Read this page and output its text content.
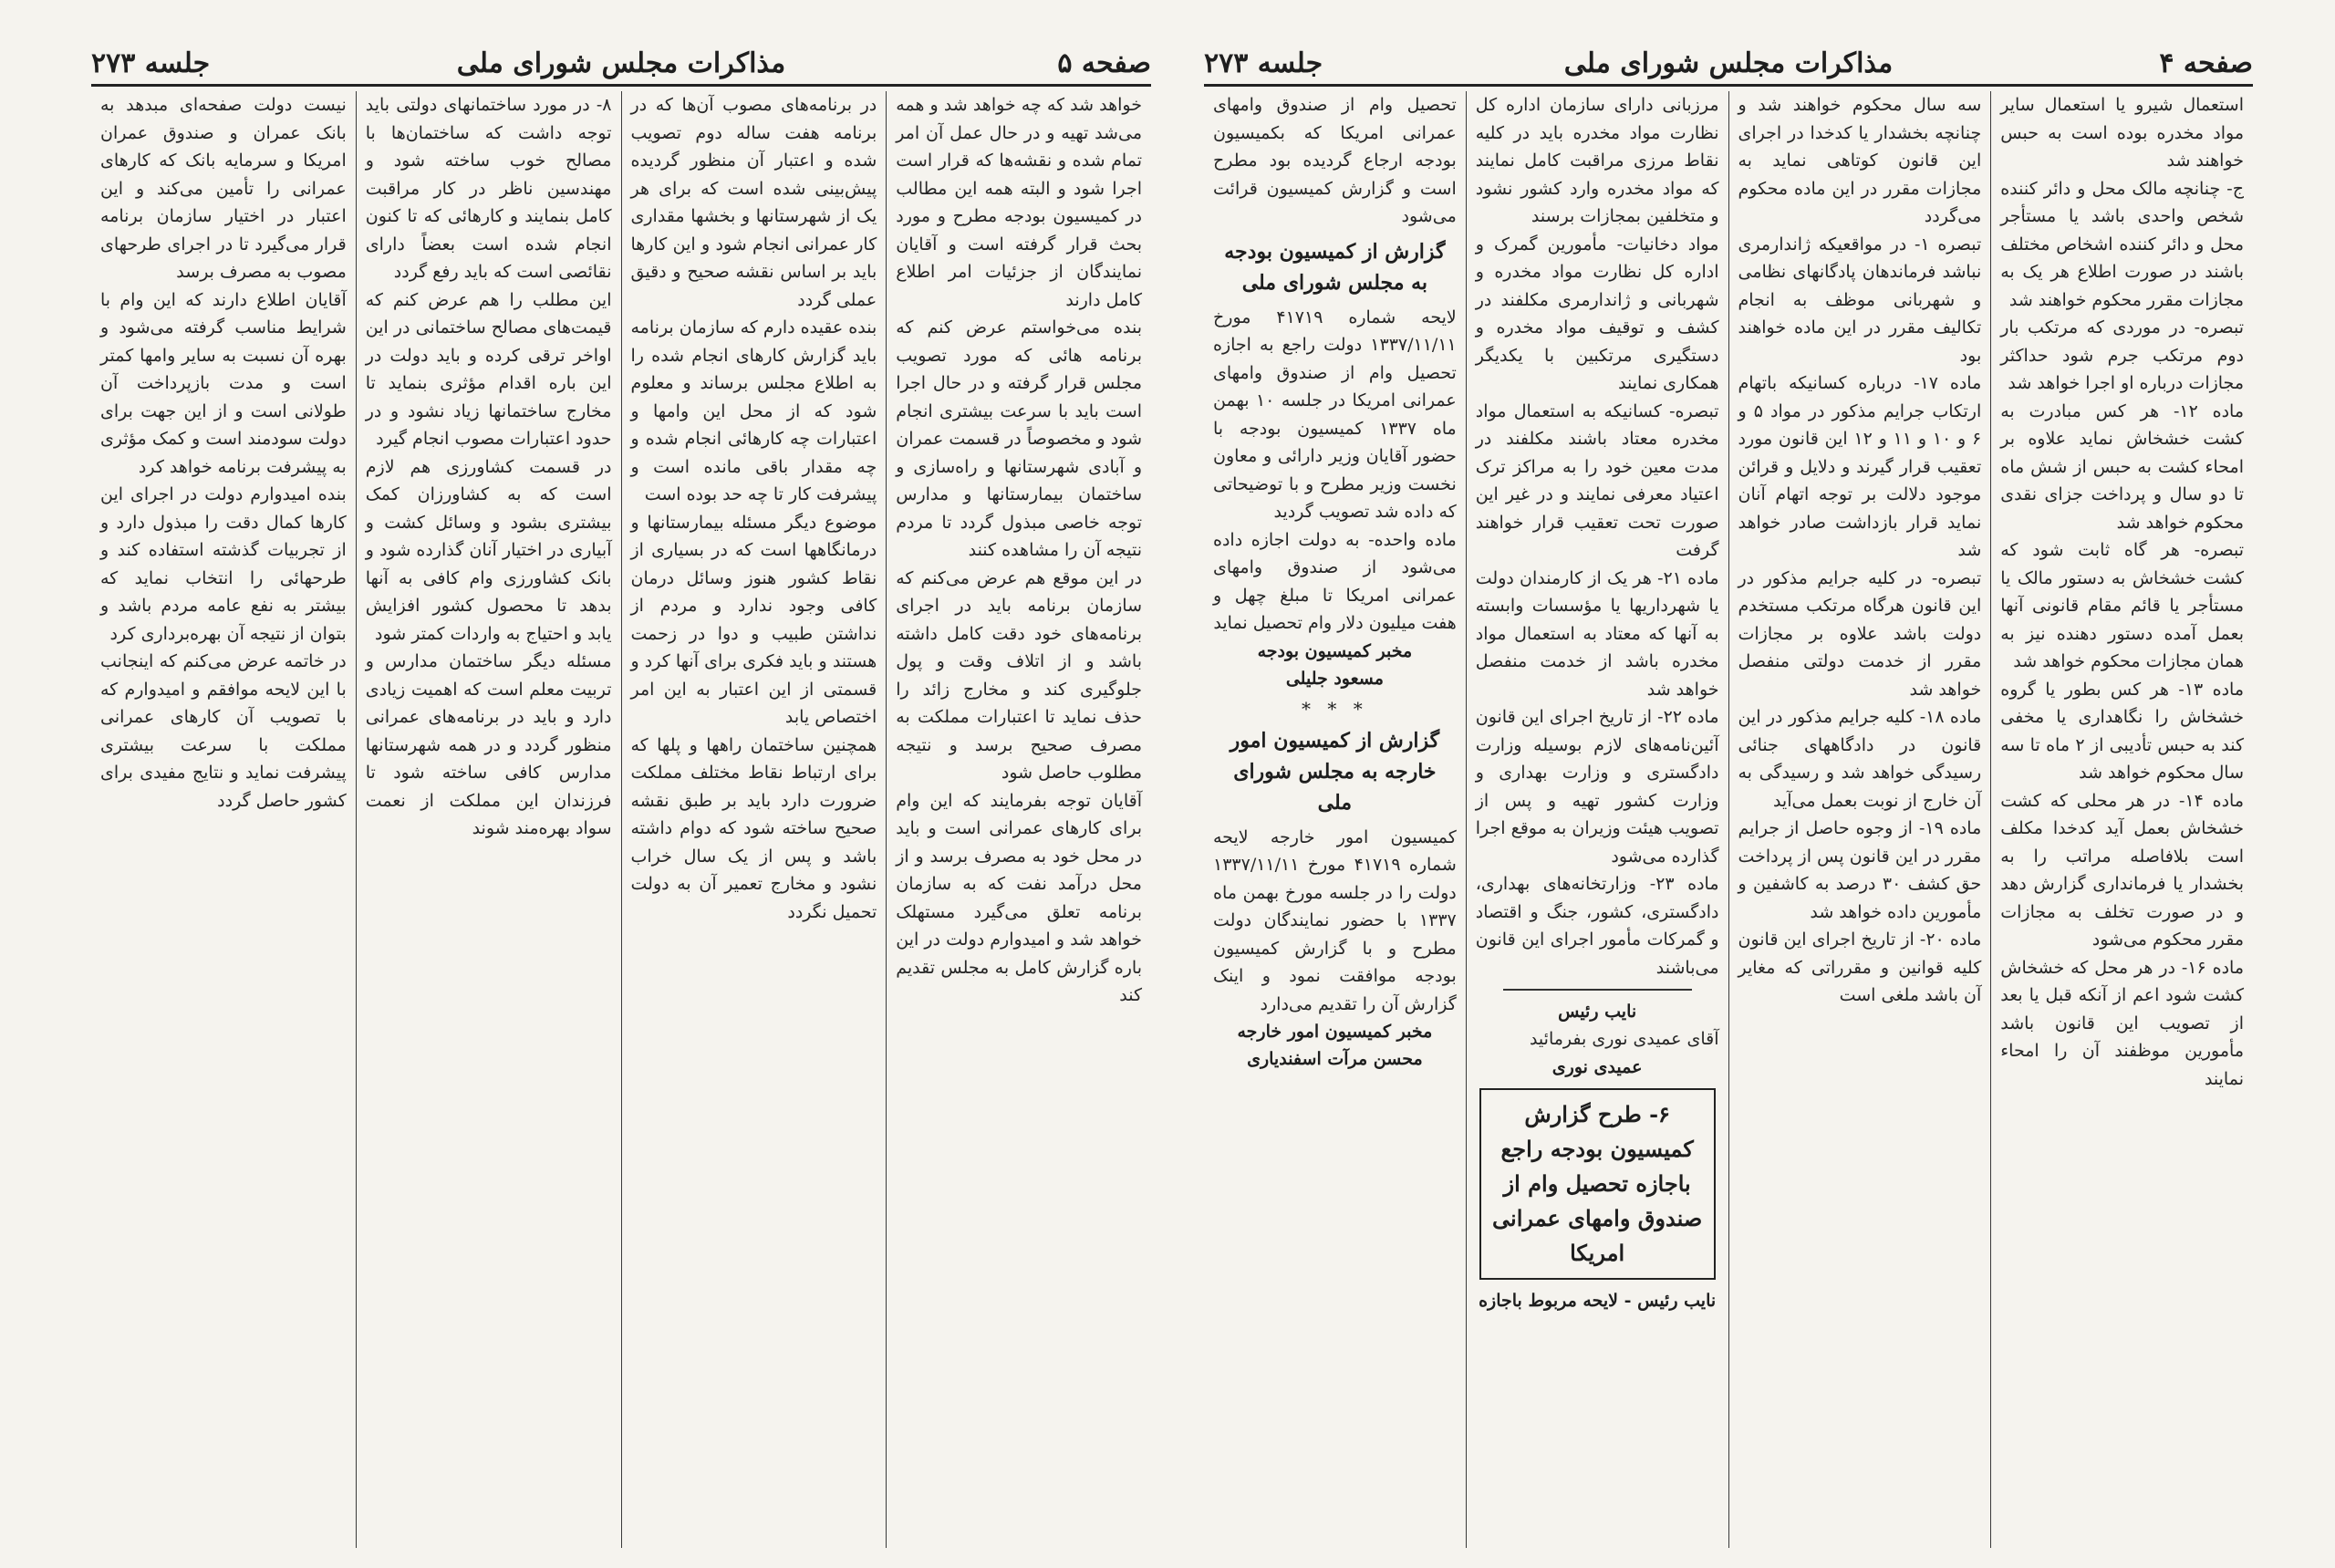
صفحه ۵
مذاکرات مجلس شورای ملی
جلسه ۲۷۳

خواهد شد که چه خواهد شد و همه می‌شد تهیه و در حال عمل آن امر تمام شده و نقشه‌ها که قرار است اجرا شود و البته همه این مطالب در کمیسیون بودجه مطرح و مورد بحث قرار گرفته است و آقایان نمایندگان از جزئیات امر اطلاع کامل دارند

بنده می‌خواستم عرض کنم که برنامه هائی که مورد تصویب مجلس قرار گرفته و در حال اجرا است باید با سرعت بیشتری انجام شود و مخصوصاً در قسمت عمران و آبادی شهرستانها و راه‌سازی و ساختمان بیمارستانها و مدارس توجه خاصی مبذول گردد تا مردم نتیجه آن را مشاهده کنند

در این موقع هم عرض می‌کنم که سازمان برنامه باید در اجرای برنامه‌های خود دقت کامل داشته باشد و از اتلاف وقت و پول جلوگیری کند و مخارج زائد را حذف نماید تا اعتبارات مملکت به مصرف صحیح برسد و نتیجه مطلوب حاصل شود

آقایان توجه بفرمایند که این وام برای کارهای عمرانی است و باید در محل خود به مصرف برسد و از محل درآمد نفت که به سازمان برنامه تعلق می‌گیرد مستهلک خواهد شد و امیدوارم دولت در این باره گزارش کامل به مجلس تقدیم کند

در برنامه‌های مصوب آن‌ها که در برنامه هفت ساله دوم تصویب شده و اعتبار آن منظور گردیده پیش‌بینی شده است که برای هر یک از شهرستانها و بخشها مقداری کار عمرانی انجام شود و این کارها باید بر اساس نقشه صحیح و دقیق عملی گردد

بنده عقیده دارم که سازمان برنامه باید گزارش کارهای انجام شده را به اطلاع مجلس برساند و معلوم شود که از محل این وامها و اعتبارات چه کارهائی انجام شده و چه مقدار باقی مانده است و پیشرفت کار تا چه حد بوده است

موضوع دیگر مسئله بیمارستانها و درمانگاهها است که در بسیاری از نقاط کشور هنوز وسائل درمان کافی وجود ندارد و مردم از نداشتن طبیب و دوا در زحمت هستند و باید فکری برای آنها کرد و قسمتی از این اعتبار به این امر اختصاص یابد

همچنین ساختمان راهها و پلها که برای ارتباط نقاط مختلف مملکت ضرورت دارد باید بر طبق نقشه صحیح ساخته شود که دوام داشته باشد و پس از یک سال خراب نشود و مخارج تعمیر آن به دولت تحمیل نگردد

۸- در مورد ساختمانهای دولتی باید توجه داشت که ساختمان‌ها با مصالح خوب ساخته شود و مهندسین ناظر در کار مراقبت کامل بنمایند و کارهائی که تا کنون انجام شده است بعضاً دارای نقائصی است که باید رفع گردد

این مطلب را هم عرض کنم که قیمت‌های مصالح ساختمانی در این اواخر ترقی کرده و باید دولت در این باره اقدام مؤثری بنماید تا مخارج ساختمانها زیاد نشود و در حدود اعتبارات مصوب انجام گیرد

در قسمت کشاورزی هم لازم است که به کشاورزان کمک بیشتری بشود و وسائل کشت و آبیاری در اختیار آنان گذارده شود و بانک کشاورزی وام کافی به آنها بدهد تا محصول کشور افزایش یابد و احتیاج به واردات کمتر شود

مسئله دیگر ساختمان مدارس و تربیت معلم است که اهمیت زیادی دارد و باید در برنامه‌های عمرانی منظور گردد و در همه شهرستانها مدارس کافی ساخته شود تا فرزندان این مملکت از نعمت سواد بهره‌مند شوند

نیست دولت صفحه‌ای مبدهد به بانک عمران و صندوق عمران امریکا و سرمایه بانک که کارهای عمرانی را تأمین می‌کند و این اعتبار در اختیار سازمان برنامه قرار می‌گیرد تا در اجرای طرحهای مصوب به مصرف برسد

آقایان اطلاع دارند که این وام با شرایط مناسب گرفته می‌شود و بهره آن نسبت به سایر وامها کمتر است و مدت بازپرداخت آن طولانی است و از این جهت برای دولت سودمند است و کمک مؤثری به پیشرفت برنامه خواهد کرد

بنده امیدوارم دولت در اجرای این کارها کمال دقت را مبذول دارد و از تجربیات گذشته استفاده کند و طرحهائی را انتخاب نماید که بیشتر به نفع عامه مردم باشد و بتوان از نتیجه آن بهره‌برداری کرد

در خاتمه عرض می‌کنم که اینجانب با این لایحه موافقم و امیدوارم که با تصویب آن کارهای عمرانی مملکت با سرعت بیشتری پیشرفت نماید و نتایج مفیدی برای کشور حاصل گردد

صفحه ۴
مذاکرات مجلس شورای ملی
جلسه ۲۷۳

استعمال شیرو یا استعمال سایر مواد مخدره بوده است به حبس خواهند شد

ج- چنانچه مالک محل و دائر کننده شخص واحدی باشد یا مستأجر محل و دائر کننده اشخاص مختلف باشند در صورت اطلاع هر یک به مجازات مقرر محکوم خواهند شد

تبصره- در موردی که مرتکب بار دوم مرتکب جرم شود حداکثر مجازات درباره او اجرا خواهد شد

ماده ۱۲- هر کس مبادرت به کشت خشخاش نماید علاوه بر امحاء کشت به حبس از شش ماه تا دو سال و پرداخت جزای نقدی محکوم خواهد شد

تبصره- هر گاه ثابت شود که کشت خشخاش به دستور مالک یا مستأجر یا قائم مقام قانونی آنها بعمل آمده دستور دهنده نیز به همان مجازات محکوم خواهد شد

ماده ۱۳- هر کس بطور یا گروه خشخاش را نگاهداری یا مخفی کند به حبس تأدیبی از ۲ ماه تا سه سال محکوم خواهد شد

ماده ۱۴- در هر محلی که کشت خشخاش بعمل آید کدخدا مکلف است بلافاصله مراتب را به بخشدار یا فرمانداری گزارش دهد و در صورت تخلف به مجازات مقرر محکوم می‌شود

ماده ۱۶- در هر محل که خشخاش کشت شود اعم از آنکه قبل یا بعد از تصویب این قانون باشد مأمورین موظفند آن را امحاء نمایند

سه سال محکوم خواهند شد و چنانچه بخشدار یا کدخدا در اجرای این قانون کوتاهی نماید به مجازات مقرر در این ماده محکوم می‌گردد

تبصره ۱- در مواقعیکه ژاندارمری نباشد فرماندهان پادگانهای نظامی و شهربانی موظف به انجام تکالیف مقرر در این ماده خواهند بود

ماده ۱۷- درباره کسانیکه باتهام ارتکاب جرایم مذکور در مواد ۵ و ۶ و ۱۰ و ۱۱ و ۱۲ این قانون مورد تعقیب قرار گیرند و دلایل و قرائن موجود دلالت بر توجه اتهام آنان نماید قرار بازداشت صادر خواهد شد

تبصره- در کلیه جرایم مذکور در این قانون هرگاه مرتکب مستخدم دولت باشد علاوه بر مجازات مقرر از خدمت دولتی منفصل خواهد شد

ماده ۱۸- کلیه جرایم مذکور در این قانون در دادگاههای جنائی رسیدگی خواهد شد و رسیدگی به آن خارج از نوبت بعمل می‌آید

ماده ۱۹- از وجوه حاصل از جرایم مقرر در این قانون پس از پرداخت حق کشف ۳۰ درصد به کاشفین و مأمورین داده خواهد شد

ماده ۲۰- از تاریخ اجرای این قانون کلیه قوانین و مقرراتی که مغایر آن باشد ملغی است

مرزبانی دارای سازمان اداره کل نظارت مواد مخدره باید در کلیه نقاط مرزی مراقبت کامل نمایند که مواد مخدره وارد کشور نشود و متخلفین بمجازات برسند

مواد دخانیات- مأمورین گمرک و اداره کل نظارت مواد مخدره و شهربانی و ژاندارمری مکلفند در کشف و توقیف مواد مخدره و دستگیری مرتکبین با یکدیگر همکاری نمایند

تبصره- کسانیکه به استعمال مواد مخدره معتاد باشند مکلفند در مدت معین خود را به مراکز ترک اعتیاد معرفی نمایند و در غیر این صورت تحت تعقیب قرار خواهند گرفت

ماده ۲۱- هر یک از کارمندان دولت یا شهرداریها یا مؤسسات وابسته به آنها که معتاد به استعمال مواد مخدره باشد از خدمت منفصل خواهد شد

ماده ۲۲- از تاریخ اجرای این قانون آئین‌نامه‌های لازم بوسیله وزارت دادگستری و وزارت بهداری و وزارت کشور تهیه و پس از تصویب هیئت وزیران به موقع اجرا گذارده می‌شود

ماده ۲۳- وزارتخانه‌های بهداری، دادگستری، کشور، جنگ و اقتصاد و گمرکات مأمور اجرای این قانون می‌باشند

نایب رئیس

آقای عمیدی نوری بفرمائید

عمیدی نوری
۶- طرح گزارش کمیسیون بودجه راجع باجازه تحصیل وام از صندوق وامهای عمرانی امریکا
نایب رئیس - لایحه مربوط باجازه

تحصیل وام از صندوق وامهای عمرانی امریکا که بکمیسیون بودجه ارجاع گردیده بود مطرح است و گزارش کمیسیون قرائت می‌شود

گزارش از کمیسیون بودجه به مجلس شورای ملی

لایحه شماره ۴۱۷۱۹ مورخ ۱۳۳۷/۱۱/۱۱ دولت راجع به اجازه تحصیل وام از صندوق وامهای عمرانی امریکا در جلسه ۱۰ بهمن ماه ۱۳۳۷ کمیسیون بودجه با حضور آقایان وزیر دارائی و معاون نخست وزیر مطرح و با توضیحاتی که داده شد تصویب گردید

ماده واحده- به دولت اجازه داده می‌شود از صندوق وامهای عمرانی امریکا تا مبلغ چهل و هفت میلیون دلار وام تحصیل نماید

مخبر کمیسیون بودجه
مسعود جلیلی
* * *
گزارش از کمیسیون امور خارجه به مجلس شورای ملی

کمیسیون امور خارجه لایحه شماره ۴۱۷۱۹ مورخ ۱۳۳۷/۱۱/۱۱ دولت را در جلسه مورخ بهمن ماه ۱۳۳۷ با حضور نمایندگان دولت مطرح و با گزارش کمیسیون بودجه موافقت نمود و اینک گزارش آن را تقدیم می‌دارد

مخبر کمیسیون امور خارجه
محسن مرآت اسفندیاری
